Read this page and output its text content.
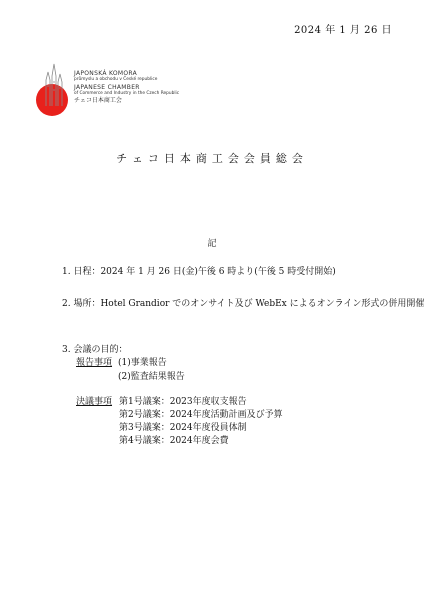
2024 年 1 月 26 日
JAPONSKÁ KOMORA
průmyslu a obchodu v České republice
JAPANESE CHAMBER
of Commerce and Industry in the Czech Republic
チェコ日本商工会
チェコ日本商工会会員総会
記
1. 日程：2024 年 1 月 26 日(金)午後 6 時より(午後 5 時受付開始)
2. 場所：Hotel Grandior でのオンサイト及び WebEx によるオンライン形式の併用開催
3. 会議の目的：
報告事項 (1)事業報告
(2)監査結果報告
決議事項 第1号議案：2023年度収支報告
第2号議案：2024年度活動計画及び予算
第3号議案：2024年度役員体制
第4号議案：2024年度会費
